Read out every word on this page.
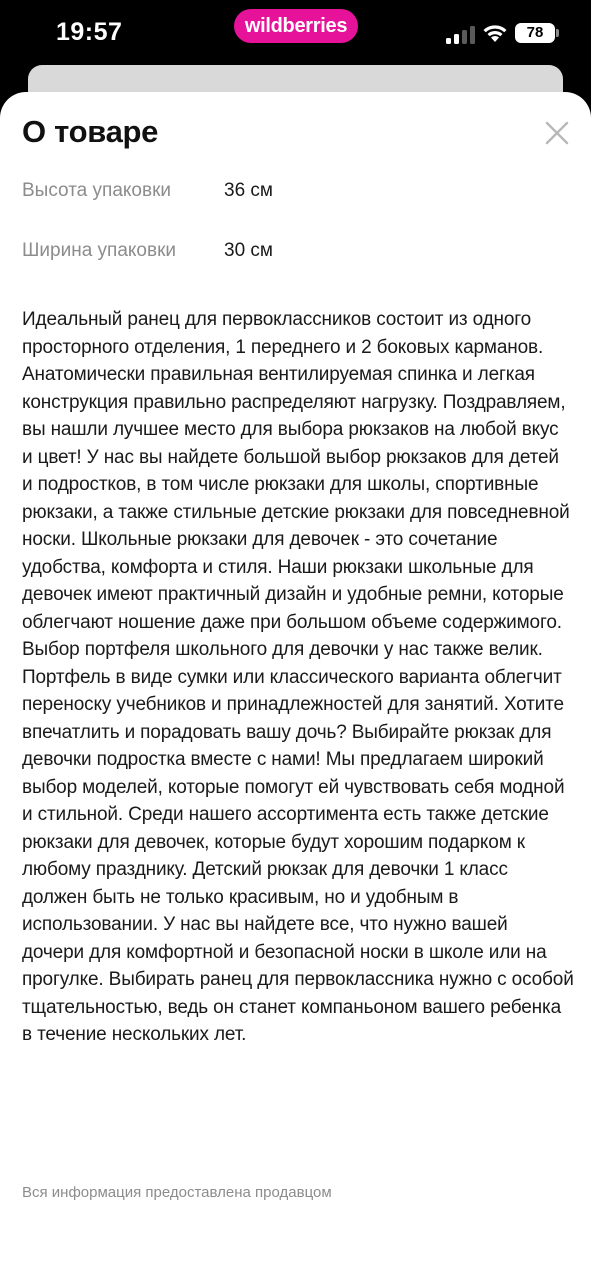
19:57	wildberries	78
О товаре
Высота упаковки	36 см
Ширина упаковки	30 см

Идеальный ранец для первоклассников состоит из одного просторного отделения, 1 переднего и 2 боковых карманов. Анатомически правильная вентилируемая спинка и легкая конструкция правильно распределяют нагрузку. Поздравляем, вы нашли лучшее место для выбора рюкзаков на любой вкус и цвет! У нас вы найдете большой выбор рюкзаков для детей и подростков, в том числе рюкзаки для школы, спортивные рюкзаки, а также стильные детские рюкзаки для повседневной носки. Школьные рюкзаки для девочек - это сочетание удобства, комфорта и стиля. Наши рюкзаки школьные для девочек имеют практичный дизайн и удобные ремни, которые облегчают ношение даже при большом объеме содержимого. Выбор портфеля школьного для девочки у нас также велик. Портфель в виде сумки или классического варианта облегчит переноску учебников и принадлежностей для занятий. Хотите впечатлить и порадовать вашу дочь? Выбирайте рюкзак для девочки подростка вместе с нами! Мы предлагаем широкий выбор моделей, которые помогут ей чувствовать себя модной и стильной. Среди нашего ассортимента есть также детские рюкзаки для девочек, которые будут хорошим подарком к любому празднику. Детский рюкзак для девочки 1 класс должен быть не только красивым, но и удобным в использовании. У нас вы найдете все, что нужно вашей дочери для комфортной и безопасной носки в школе или на прогулке. Выбирать ранец для первоклассника нужно с особой тщательностью, ведь он станет компаньоном вашего ребенка в течение нескольких лет.

Вся информация предоставлена продавцом
